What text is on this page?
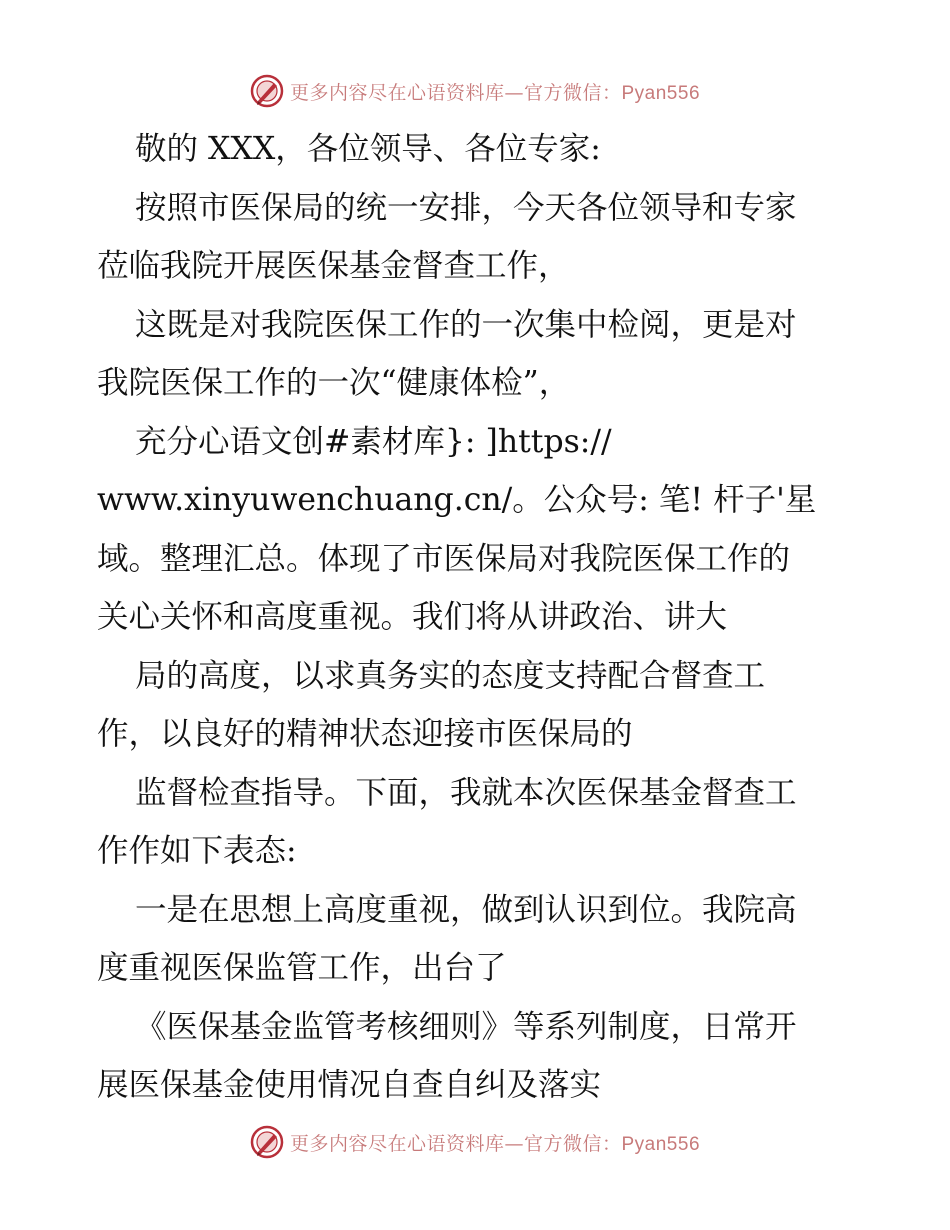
更多内容尽在心语资料库—官方微信：Pyan556
敬的 XXX，各位领导、各位专家:
按照市医保局的统一安排，今天各位领导和专家
莅临我院开展医保基金督查工作，
这既是对我院医保工作的一次集中检阅，更是对
我院医保工作的一次“健康体检”，
充分心语文创#素材库}: ]https://
www.xinyuwenchuang.cn/。公众号: 笔! 杆子'星
域。整理汇总。体现了市医保局对我院医保工作的
关心关怀和高度重视。我们将从讲政治、讲大
局的高度，以求真务实的态度支持配合督查工
作，以良好的精神状态迎接市医保局的
监督检查指导。下面，我就本次医保基金督查工
作作如下表态:
一是在思想上高度重视，做到认识到位。我院高
度重视医保监管工作，出台了
《医保基金监管考核细则》等系列制度，日常开
展医保基金使用情况自查自纠及落实
更多内容尽在心语资料库—官方微信：Pyan556
